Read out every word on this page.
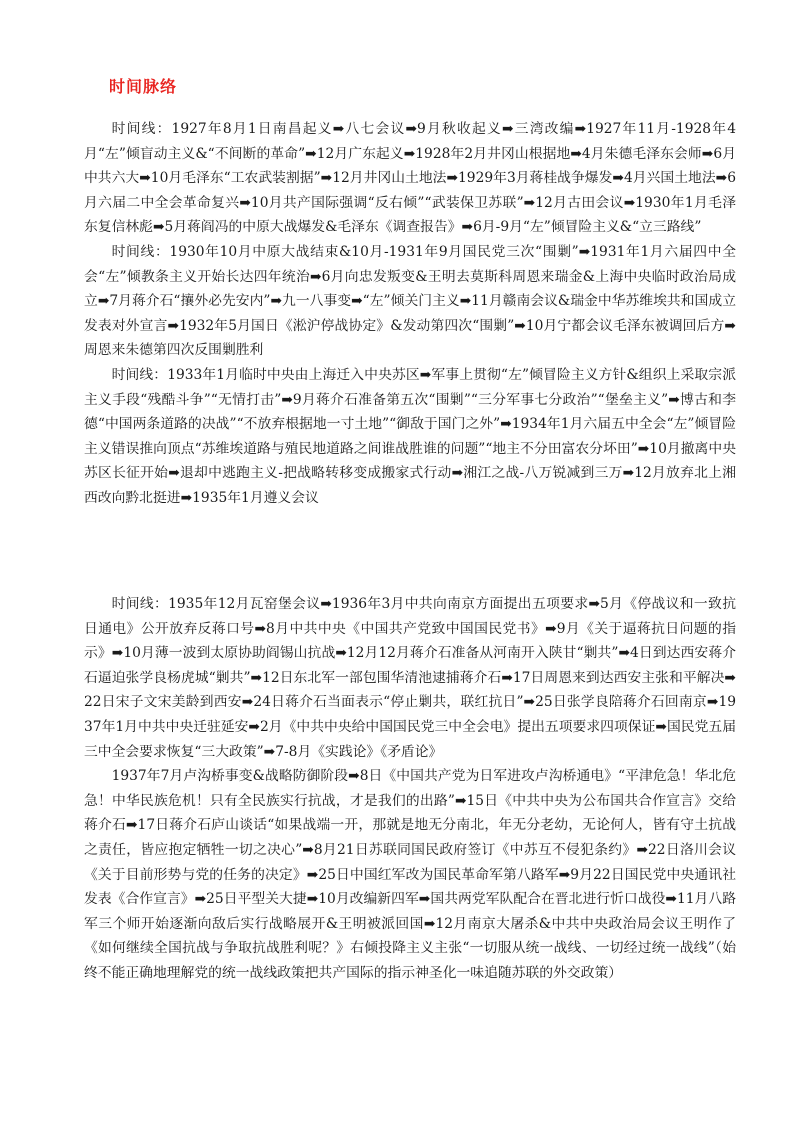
时间脉络

时间线：1927年8月1日南昌起义➡八七会议➡9月秋收起义➡三湾改编➡1927年11月-1928年4月“左”倾盲动主义&“不间断的革命”➡12月广东起义➡1928年2月井冈山根据地➡4月朱德毛泽东会师➡6月中共六大➡10月毛泽东“工农武装割据”➡12月井冈山土地法➡1929年3月蒋桂战争爆发➡4月兴国土地法➡6月六届二中全会革命复兴➡10月共产国际强调“反右倾”“武装保卫苏联”➡12月古田会议➡1930年1月毛泽东复信林彪➡5月蒋阎冯的中原大战爆发&毛泽东《调查报告》➡6月-9月“左”倾冒险主义&“立三路线”

时间线：1930年10月中原大战结束&10月-1931年9月国民党三次“围剿”➡1931年1月六届四中全会“左”倾教条主义开始长达四年统治➡6月向忠发叛变&王明去莫斯科周恩来瑞金&上海中央临时政治局成立➡7月蒋介石“攘外必先安内”➡九一八事变➡“左”倾关门主义➡11月赣南会议&瑞金中华苏维埃共和国成立发表对外宣言➡1932年5月国日《淞沪停战协定》&发动第四次“围剿”➡10月宁都会议毛泽东被调回后方➡周恩来朱德第四次反围剿胜利

时间线：1933年1月临时中央由上海迁入中央苏区➡军事上贯彻“左”倾冒险主义方针&组织上采取宗派主义手段“残酷斗争”“无情打击”➡9月蒋介石准备第五次“围剿”“三分军事七分政治”“堡垒主义”➡博古和李德“中国两条道路的决战”“不放弃根据地一寸土地”“御敌于国门之外”➡1934年1月六届五中全会“左”倾冒险主义错误推向顶点“苏维埃道路与殖民地道路之间谁战胜谁的问题”“地主不分田富农分坏田”➡10月撤离中央苏区长征开始➡退却中逃跑主义-把战略转移变成搬家式行动➡湘江之战-八万锐减到三万➡12月放弃北上湘西改向黔北挺进➡1935年1月遵义会议

时间线：1935年12月瓦窑堡会议➡1936年3月中共向南京方面提出五项要求➡5月《停战议和一致抗日通电》公开放弃反蒋口号➡8月中共中央《中国共产党致中国国民党书》➡9月《关于逼蒋抗日问题的指示》➡10月薄一波到太原协助阎锡山抗战➡12月12月蒋介石准备从河南开入陕甘“剿共”➡4日到达西安蒋介石逼迫张学良杨虎城“剿共”➡12日东北军一部包围华清池逮捕蒋介石➡17日周恩来到达西安主张和平解决➡22日宋子文宋美龄到西安➡24日蒋介石当面表示“停止剿共，联红抗日”➡25日张学良陪蒋介石回南京➡1937年1月中共中央迁驻延安➡2月《中共中央给中国国民党三中全会电》提出五项要求四项保证➡国民党五届三中全会要求恢复“三大政策”➡7-8月《实践论》《矛盾论》

1937年7月卢沟桥事变&战略防御阶段➡8日《中国共产党为日军进攻卢沟桥通电》“平津危急！华北危急！中华民族危机！只有全民族实行抗战，才是我们的出路”➡15日《中共中央为公布国共合作宣言》交给蒋介石➡17日蒋介石庐山谈话“如果战端一开，那就是地无分南北，年无分老幼，无论何人，皆有守土抗战之责任，皆应抱定牺牲一切之决心”➡8月21日苏联同国民政府签订《中苏互不侵犯条约》➡22日洛川会议《关于目前形势与党的任务的决定》➡25日中国红军改为国民革命军第八路军➡9月22日国民党中央通讯社发表《合作宣言》➡25日平型关大捷➡10月改编新四军➡国共两党军队配合在晋北进行忻口战役➡11月八路军三个师开始逐渐向敌后实行战略展开&王明被派回国➡12月南京大屠杀&中共中央政治局会议王明作了《如何继续全国抗战与争取抗战胜利呢？》右倾投降主义主张“一切服从统一战线、一切经过统一战线”（始终不能正确地理解党的统一战线政策把共产国际的指示神圣化一味追随苏联的外交政策）
